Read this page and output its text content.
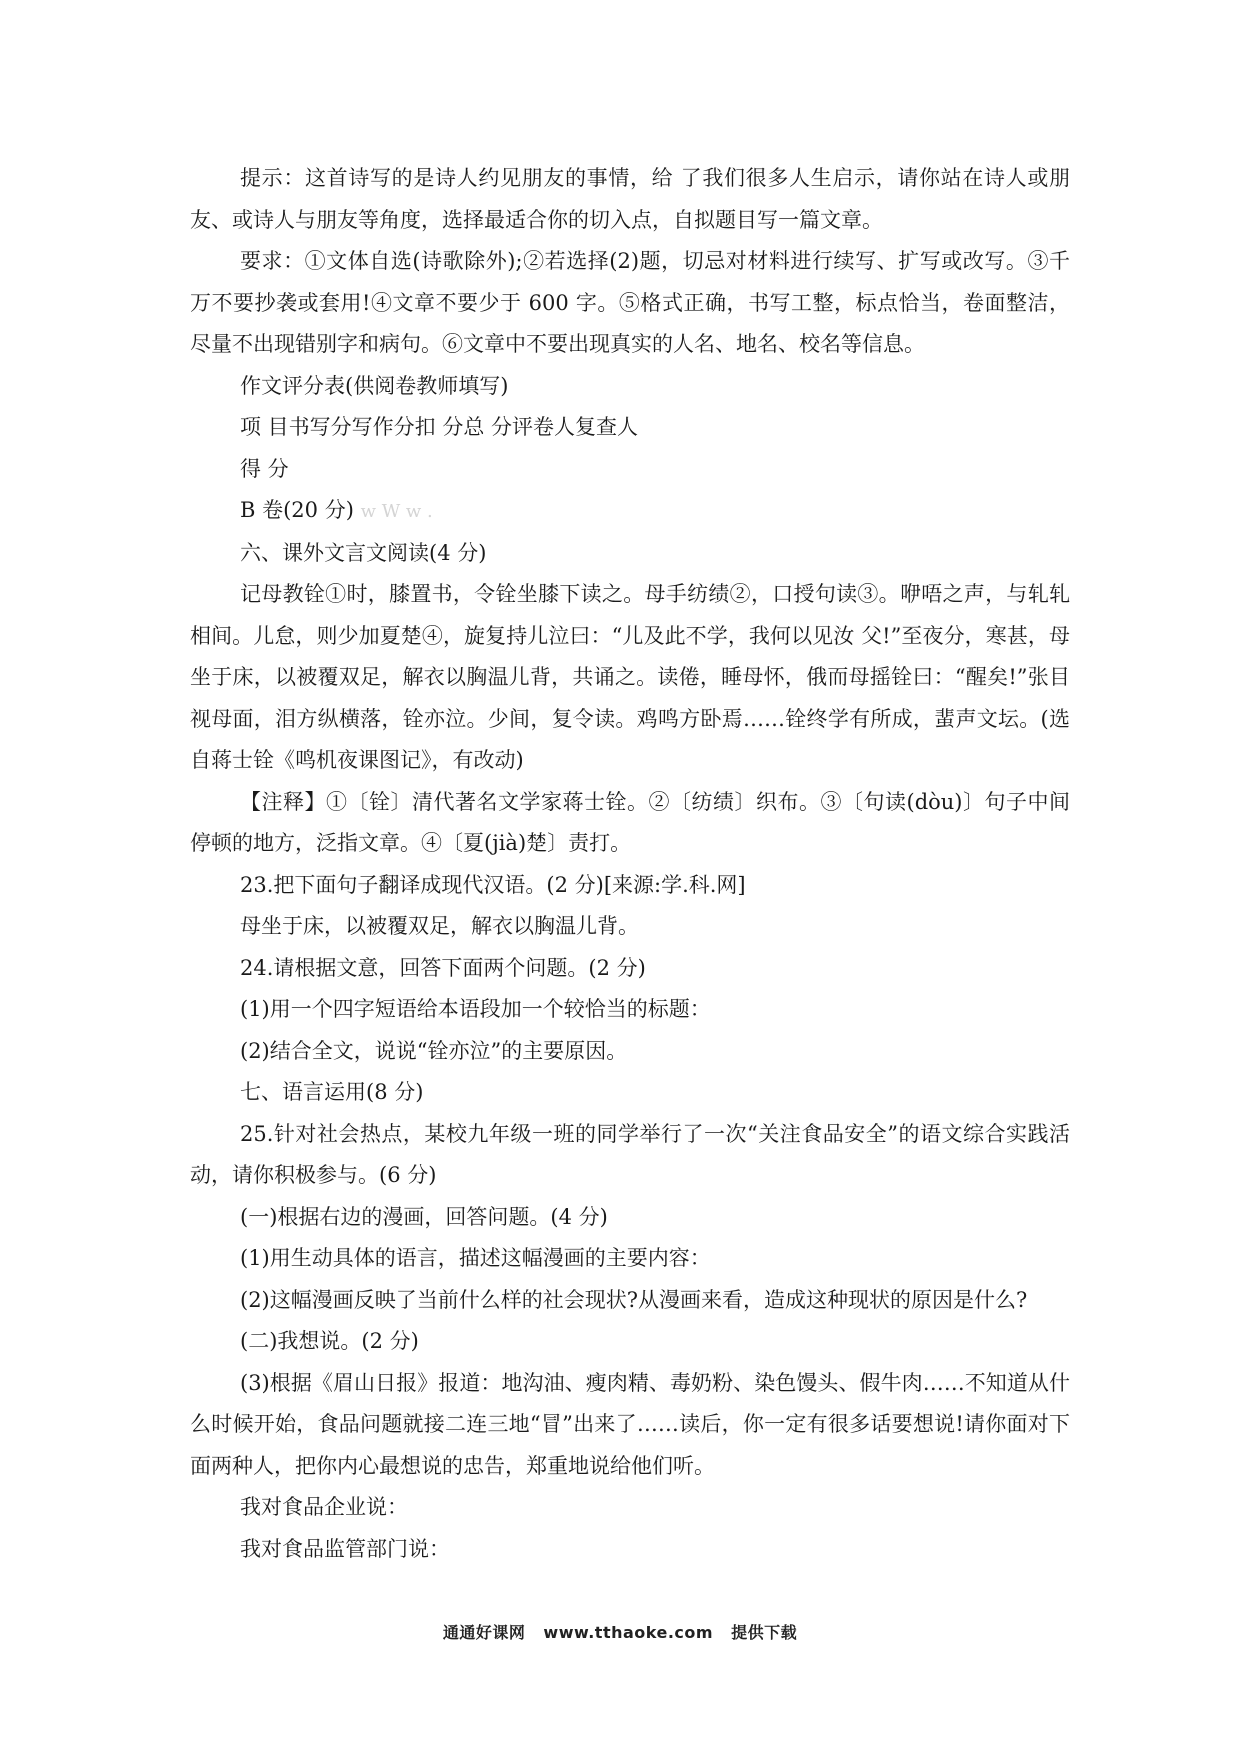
提示：这首诗写的是诗人约见朋友的事情，给 了我们很多人生启示，请你站在诗人或朋友、或诗人与朋友等角度，选择最适合你的切入点，自拟题目写一篇文章。

要求：①文体自选(诗歌除外);②若选择(2)题，切忌对材料进行续写、扩写或改写。③千万不要抄袭或套用!④文章不要少于 600 字。⑤格式正确，书写工整，标点恰当，卷面整洁，尽量不出现错别字和病句。⑥文章中不要出现真实的人名、地名、校名等信息。

作文评分表(供阅卷教师填写)

项 目书写分写作分扣 分总 分评卷人复查人

得 分

B 卷(20 分) w W w .

六、课外文言文阅读(4 分)

记母教铨①时，膝置书，令铨坐膝下读之。母手纺绩②，口授句读③。咿唔之声，与轧轧相间。儿怠，则少加夏楚④，旋复持儿泣曰：“儿及此不学，我何以见汝 父!”至夜分，寒甚，母坐于床，以被覆双足，解衣以胸温儿背，共诵之。读倦，睡母怀，俄而母摇铨曰：“醒矣!”张目视母面，泪方纵横落，铨亦泣。少间，复令读。鸡鸣方卧焉……铨终学有所成，蜚声文坛。(选自蒋士铨《鸣机夜课图记》，有改动)

【注释】①〔铨〕清代著名文学家蒋士铨。②〔纺绩〕织布。③〔句读(dòu)〕句子中间停顿的地方，泛指文章。④〔夏(jià)楚〕责打。

23.把下面句子翻译成现代汉语。(2 分)[来源:学.科.网]

母坐于床，以被覆双足，解衣以胸温儿背。

24.请根据文意，回答下面两个问题。(2 分)

(1)用一个四字短语给本语段加一个较恰当的标题：

(2)结合全文，说说“铨亦泣”的主要原因。

七、语言运用(8 分)

25.针对社会热点，某校九年级一班的同学举行了一次“关注食品安全”的语文综合实践活动，请你积极参与。(6 分)

(一)根据右边的漫画，回答问题。(4 分)

(1)用生动具体的语言，描述这幅漫画的主要内容：

(2)这幅漫画反映了当前什么样的社会现状?从漫画来看，造成这种现状的原因是什么?

(二)我想说。(2 分)

(3)根据《眉山日报》报道：地沟油、瘦肉精、毒奶粉、染色馒头、假牛肉……不知道从什么时候开始，食品问题就接二连三地“冒”出来了……读后，你一定有很多话要想说!请你面对下面两种人，把你内心最想说的忠告，郑重地说给他们听。

我对食品企业说：

我对食品监管部门说：

通通好课网 www.tthaoke.com 提供下载
